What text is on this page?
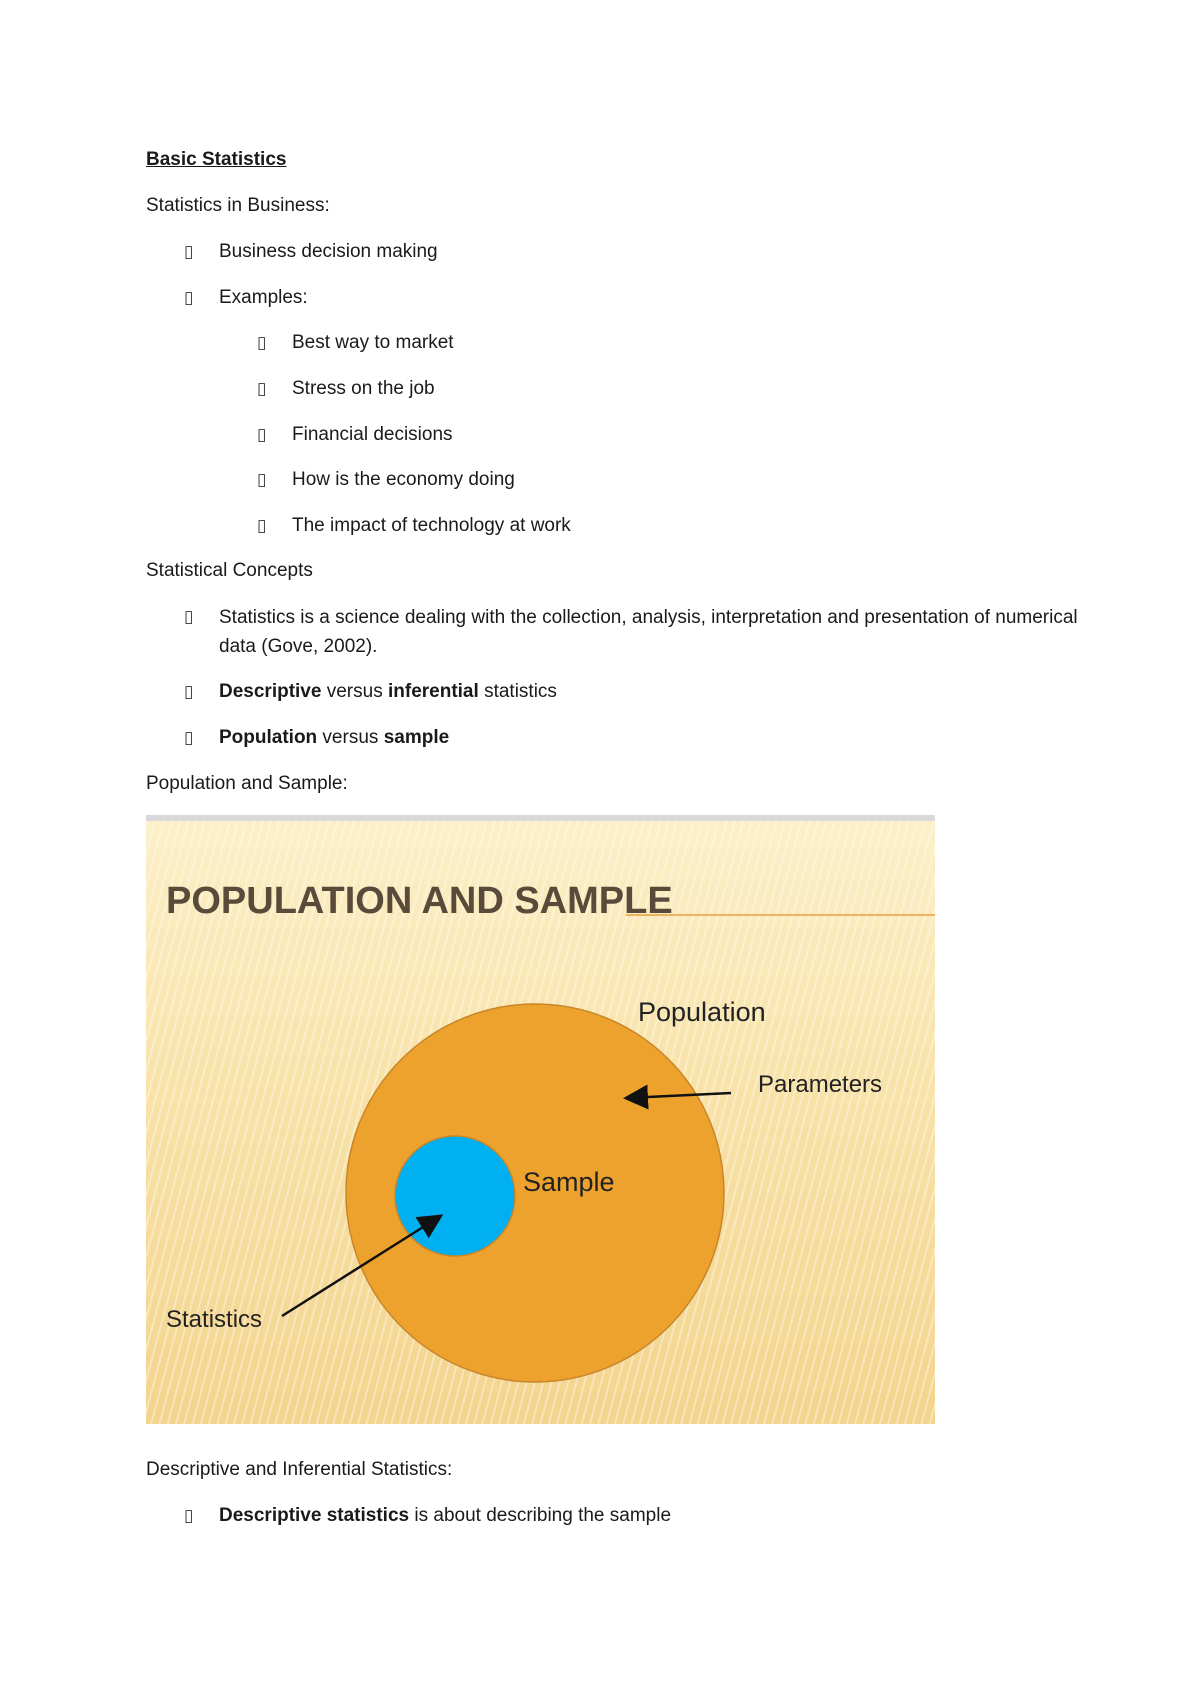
Basic Statistics
Statistics in Business:
▯ Business decision making
▯ Examples:
▯ Best way to market
▯ Stress on the job
▯ Financial decisions
▯ How is the economy doing
▯ The impact of technology at work
Statistical Concepts
▯ Statistics is a science dealing with the collection, analysis, interpretation and presentation of numerical data (Gove, 2002).
▯ Descriptive versus inferential statistics
▯ Population versus sample
Population and Sample:
POPULATION AND SAMPLE
Population
Parameters
Sample
Statistics
Descriptive and Inferential Statistics:
▯ Descriptive statistics is about describing the sample
